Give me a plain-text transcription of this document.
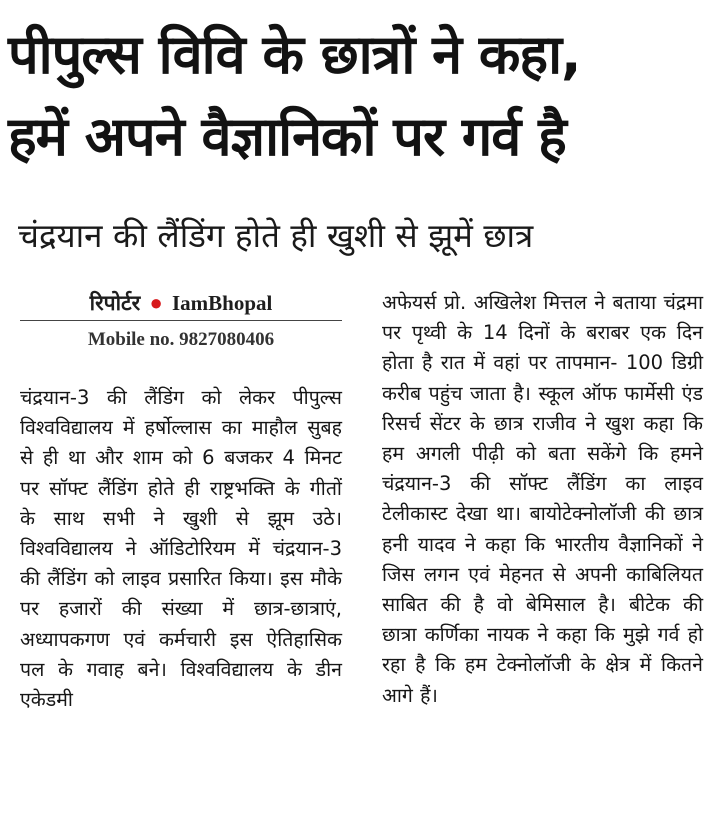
पीपुल्स विवि के छात्रों ने कहा,
हमें अपने वैज्ञानिकों पर गर्व है
चंद्रयान की लैंडिंग होते ही खुशी से झूमें छात्र
रिपोर्टर ● IamBhopal
Mobile no. 9827080406

चंद्रयान-3 की लैंडिंग को लेकर पीपुल्स विश्वविद्यालय में हर्षोल्लास का माहौल सुबह से ही था और शाम को 6 बजकर 4 मिनट पर सॉफ्ट लैंडिंग होते ही राष्ट्रभक्ति के गीतों के साथ सभी ने खुशी से झूम उठे। विश्वविद्यालय ने ऑडिटोरियम में चंद्रयान-3 की लैंडिंग को लाइव प्रसारित किया। इस मौके पर हजारों की संख्या में छात्र-छात्राएं, अध्यापकगण एवं कर्मचारी इस ऐतिहासिक पल के गवाह बने। विश्वविद्यालय के डीन एकेडमी

अफेयर्स प्रो. अखिलेश मित्तल ने बताया चंद्रमा पर पृथ्वी के 14 दिनों के बराबर एक दिन होता है रात में वहां पर तापमान- 100 डिग्री करीब पहुंच जाता है। स्कूल ऑफ फार्मेसी एंड रिसर्च सेंटर के छात्र राजीव ने खुश कहा कि हम अगली पीढ़ी को बता सकेंगे कि हमने चंद्रयान-3 की सॉफ्ट लैंडिंग का लाइव टेलीकास्ट देखा था। बायोटेक्नोलॉजी की छात्र हनी यादव ने कहा कि भारतीय वैज्ञानिकों ने जिस लगन एवं मेहनत से अपनी काबिलियत साबित की है वो बेमिसाल है। बीटेक की छात्रा कर्णिका नायक ने कहा कि मुझे गर्व हो रहा है कि हम टेक्नोलॉजी के क्षेत्र में कितने आगे हैं।
